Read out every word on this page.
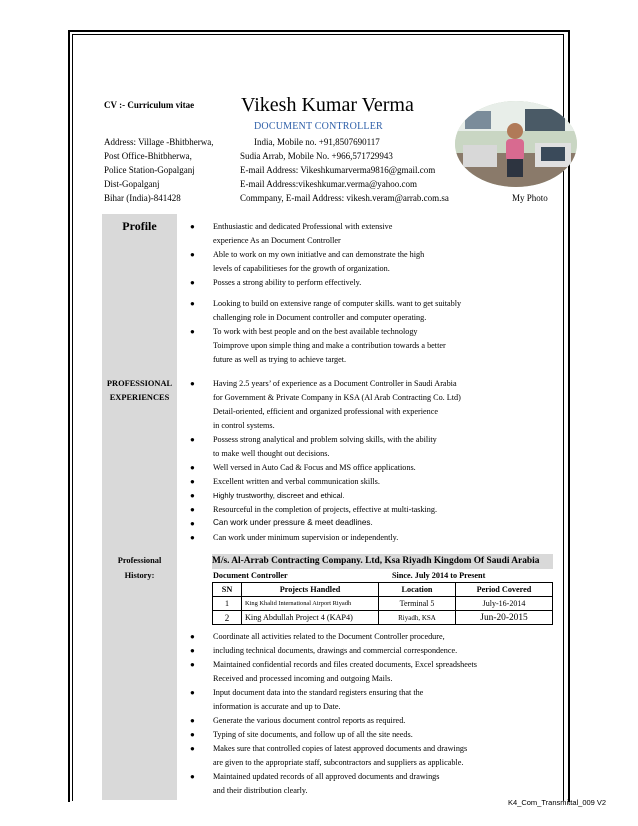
CV :- Curriculum vitae Vikesh Kumar Verma
DOCUMENT CONTROLLER
Address: Village -Bhitbherwa,
Post Office-Bhitbherwa,
Police Station-Gopalganj
Dist-Gopalganj
Bihar (India)-841428
India, Mobile no. +91,8507690117
Sudia Arrab, Mobile No. +966,571729943
E-mail Address: Vikeshkumarverma9816@gmail.com
E-mail Address:vikeshkumar.verma@yahoo.com
Commpany, E-mail Address: vikesh.veram@arrab.com.sa	My Photo
Profile	● Enthusiastic and dedicated Professional with extensive
experience As an Document Controller
● Able to work on my own initiatlve and can demonstrate the high
levels of capabilitieses for the growth of organization.
● Posses a strong ability to perform effectively.
● Looking to build on extensive range of computer skills. want to get suitably
challenging role in Document controller and computer operating.
● To work with best people and on the best available technology
Toimprove upon simple thing and make a contribution towards a better
future as well as trying to achieve target.
PROFESSIONAL
EXPERIENCES
● Having 2.5 years’ of experience as a Document Controller in Saudi Arabia
for Government & Private Company in KSA (Al Arab Contracting Co. Ltd)
Detail-oriented, efficient and organized professional with experience
in control systems.
● Possess strong analytical and problem solving skills, with the ability
to make well thought out decisions.
● Well versed in Auto Cad & Focus and MS office applications.
● Excellent written and verbal communication skills.
● Highly trustworthy, discreet and ethical.
● Resourceful in the completion of projects, effective at multi-tasking.
● Can work under pressure & meet deadlines.
● Can work under minimum supervision or independently.
Professional
History:
M/s. Al-Arrab Contracting Company. Ltd, Ksa Riyadh Kingdom Of Saudi Arabia
Document Controller	Since. July 2014 to Present
SN	Projects Handled	Location	Period Covered
1	King Khalid International Airport Riyadh	Terminal 5	July-16-2014
2	King Abdullah Project 4 (KAP4)	Riyadh, KSA	Jun-20-2015
● Coordinate all activities related to the Document Controller procedure,
● including technical documents, drawings and commercial correspondence.
● Maintained confidential records and files created documents, Excel spreadsheets
Received and processed incoming and outgoing Mails.
● Input document data into the standard registers ensuring that the
information is accurate and up to Date.
● Generate the various document control reports as required.
● Typing of site documents, and follow up of all the site needs.
● Makes sure that controlled copies of latest approved documents and drawings
are given to the appropriate staff, subcontractors and suppliers as applicable.
● Maintained updated records of all approved documents and drawings
and their distribution clearly.
K4_Com_Transmittal_009 V2
